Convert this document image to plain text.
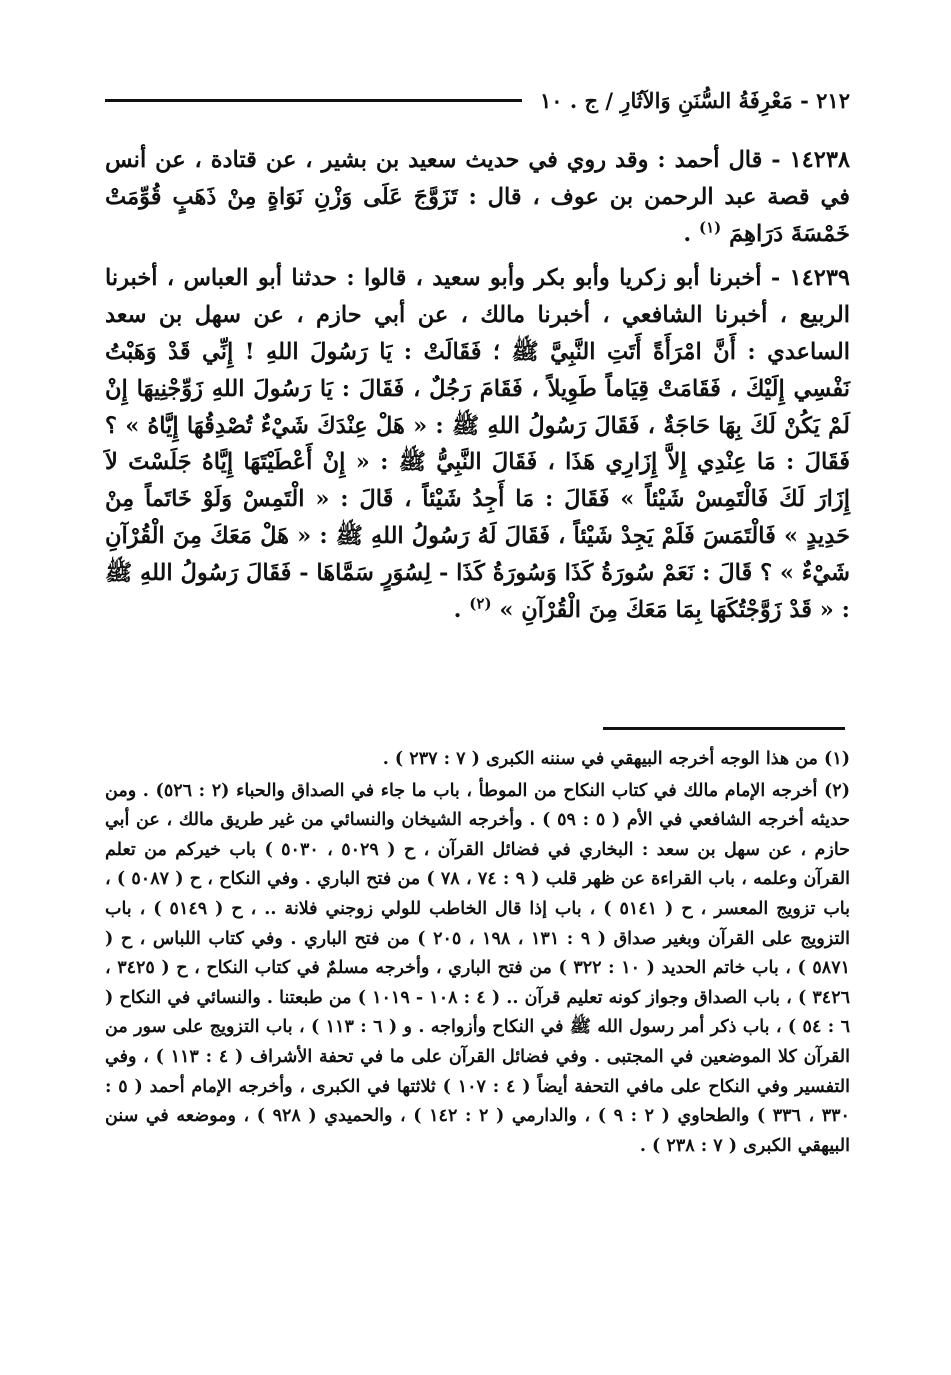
٢١٢ - مَعْرِفَةُ السُّنَنِ وَالآثَارِ / ج . ١٠

١٤٢٣٨ - قال أحمد : وقد روي في حديث سعيد بن بشير ، عن قتادة ، عن أنس في قصة عبد الرحمن بن عوف ، قال : تَزَوَّجَ عَلَى وَزْنِ نَوَاةٍ مِنْ ذَهَبٍ قُوِّمَتْ خَمْسَةَ دَرَاهِمَ $^{(١)}$ .

١٤٢٣٩ - أخبرنا أبو زكريا وأبو بكر وأبو سعيد ، قالوا : حدثنا أبو العباس ، أخبرنا الربيع ، أخبرنا الشافعي ، أخبرنا مالك ، عن أبي حازم ، عن سهل بن سعد الساعدي : أَنَّ امْرَأَةً أَتَتِ النَّبِيَّ ﷺ ؛ فَقَالَتْ : يَا رَسُولَ اللهِ ! إِنِّي قَدْ وَهَبْتُ نَفْسِي إِلَيْكَ ، فَقَامَتْ قِيَاماً طَوِيلاً ، فَقَامَ رَجُلٌ ، فَقَالَ : يَا رَسُولَ اللهِ زَوِّجْنِيهَا إِنْ لَمْ يَكُنْ لَكَ بِهَا حَاجَةٌ ، فَقَالَ رَسُولُ اللهِ ﷺ : « هَلْ عِنْدَكَ شَيْءٌ تُصْدِقُهَا إِيَّاهُ » ؟ فَقَالَ : مَا عِنْدِي إِلاَّ إِزَارِي هَذَا ، فَقَالَ النَّبِيُّ ﷺ : « إِنْ أَعْطَيْتَهَا إِيَّاهُ جَلَسْتَ لاَ إِزَارَ لَكَ فَالْتَمِسْ شَيْئاً » فَقَالَ : مَا أَجِدُ شَيْئاً ، قَالَ : « الْتَمِسْ وَلَوْ خَاتَماً مِنْ حَدِيدٍ » فَالْتَمَسَ فَلَمْ يَجِدْ شَيْئاً ، فَقَالَ لَهُ رَسُولُ اللهِ ﷺ : « هَلْ مَعَكَ مِنَ الْقُرْآنِ شَيْءٌ » ؟ قَالَ : نَعَمْ سُورَةُ كَذَا وَسُورَةُ كَذَا - لِسُوَرٍ سَمَّاهَا - فَقَالَ رَسُولُ اللهِ ﷺ : « قَدْ زَوَّجْتُكَهَا بِمَا مَعَكَ مِنَ الْقُرْآنِ » $^{(٢)}$ .

(١) من هذا الوجه أخرجه البيهقي في سننه الكبرى ( ٧ : ٢٣٧ ) .

(٢) أخرجه الإمام مالك في كتاب النكاح من الموطأ ، باب ما جاء في الصداق والحباء (٢ : ٥٢٦) . ومن حديثه أخرجه الشافعي في الأم ( ٥ : ٥٩ ) . وأخرجه الشيخان والنسائي من غير طريق مالك ، عن أبي حازم ، عن سهل بن سعد : البخاري في فضائل القرآن ، ح ( ٥٠٢٩ ، ٥٠٣٠ ) باب خيركم من تعلم القرآن وعلمه ، باب القراءة عن ظهر قلب ( ٩ : ٧٤ ، ٧٨ ) من فتح الباري . وفي النكاح ، ح ( ٥٠٨٧ ) ، باب تزويج المعسر ، ح ( ٥١٤١ ) ، باب إذا قال الخاطب للولي زوجني فلانة .. ، ح ( ٥١٤٩ ) ، باب التزويج على القرآن وبغير صداق ( ٩ : ١٣١ ، ١٩٨ ، ٢٠٥ ) من فتح الباري . وفي كتاب اللباس ، ح ( ٥٨٧١ ) ، باب خاتم الحديد ( ١٠ : ٣٢٢ ) من فتح الباري ، وأخرجه مسلمٌ في كتاب النكاح ، ح ( ٣٤٢٥ ، ٣٤٢٦ ) ، باب الصداق وجواز كونه تعليم قرآن .. ( ٤ : ١٠٨ - ١٠١٩ ) من طبعتنا . والنسائي في النكاح ( ٦ : ٥٤ ) ، باب ذكر أمر رسول الله ﷺ في النكاح وأزواجه . و ( ٦ : ١١٣ ) ، باب التزويج على سور من القرآن كلا الموضعين في المجتبى . وفي فضائل القرآن على ما في تحفة الأشراف ( ٤ : ١١٣ ) ، وفي التفسير وفي النكاح على مافي التحفة أيضاً ( ٤ : ١٠٧ ) ثلاثتها في الكبرى ، وأخرجه الإمام أحمد ( ٥ : ٣٣٠ ، ٣٣٦ ) والطحاوي ( ٢ : ٩ ) ، والدارمي ( ٢ : ١٤٢ ) ، والحميدي ( ٩٢٨ ) ، وموضعه في سنن البيهقي الكبرى ( ٧ : ٢٣٨ ) .
